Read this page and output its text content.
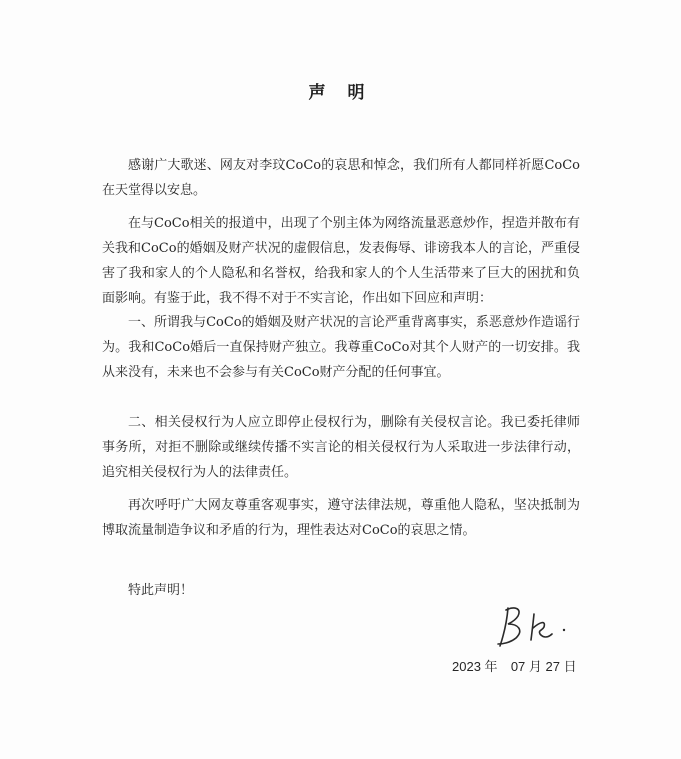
声 明

感谢广大歌迷、网友对李玟CoCo的哀思和悼念，我们所有人都同样祈愿CoCo在天堂得以安息。

在与CoCo相关的报道中，出现了个别主体为网络流量恶意炒作，捏造并散布有关我和CoCo的婚姻及财产状况的虚假信息，发表侮辱、诽谤我本人的言论，严重侵害了我和家人的个人隐私和名誉权，给我和家人的个人生活带来了巨大的困扰和负面影响。有鉴于此，我不得不对于不实言论，作出如下回应和声明：

一、所谓我与CoCo的婚姻及财产状况的言论严重背离事实，系恶意炒作造谣行为。我和CoCo婚后一直保持财产独立。我尊重CoCo对其个人财产的一切安排。我从来没有，未来也不会参与有关CoCo财产分配的任何事宜。

二、相关侵权行为人应立即停止侵权行为，删除有关侵权言论。我已委托律师事务所，对拒不删除或继续传播不实言论的相关侵权行为人采取进一步法律行动，追究相关侵权行为人的法律责任。

再次呼吁广大网友尊重客观事实，遵守法律法规，尊重他人隐私，坚决抵制为博取流量制造争议和矛盾的行为，理性表达对CoCo的哀思之情。

特此声明！

2023 年 07 月 27 日
